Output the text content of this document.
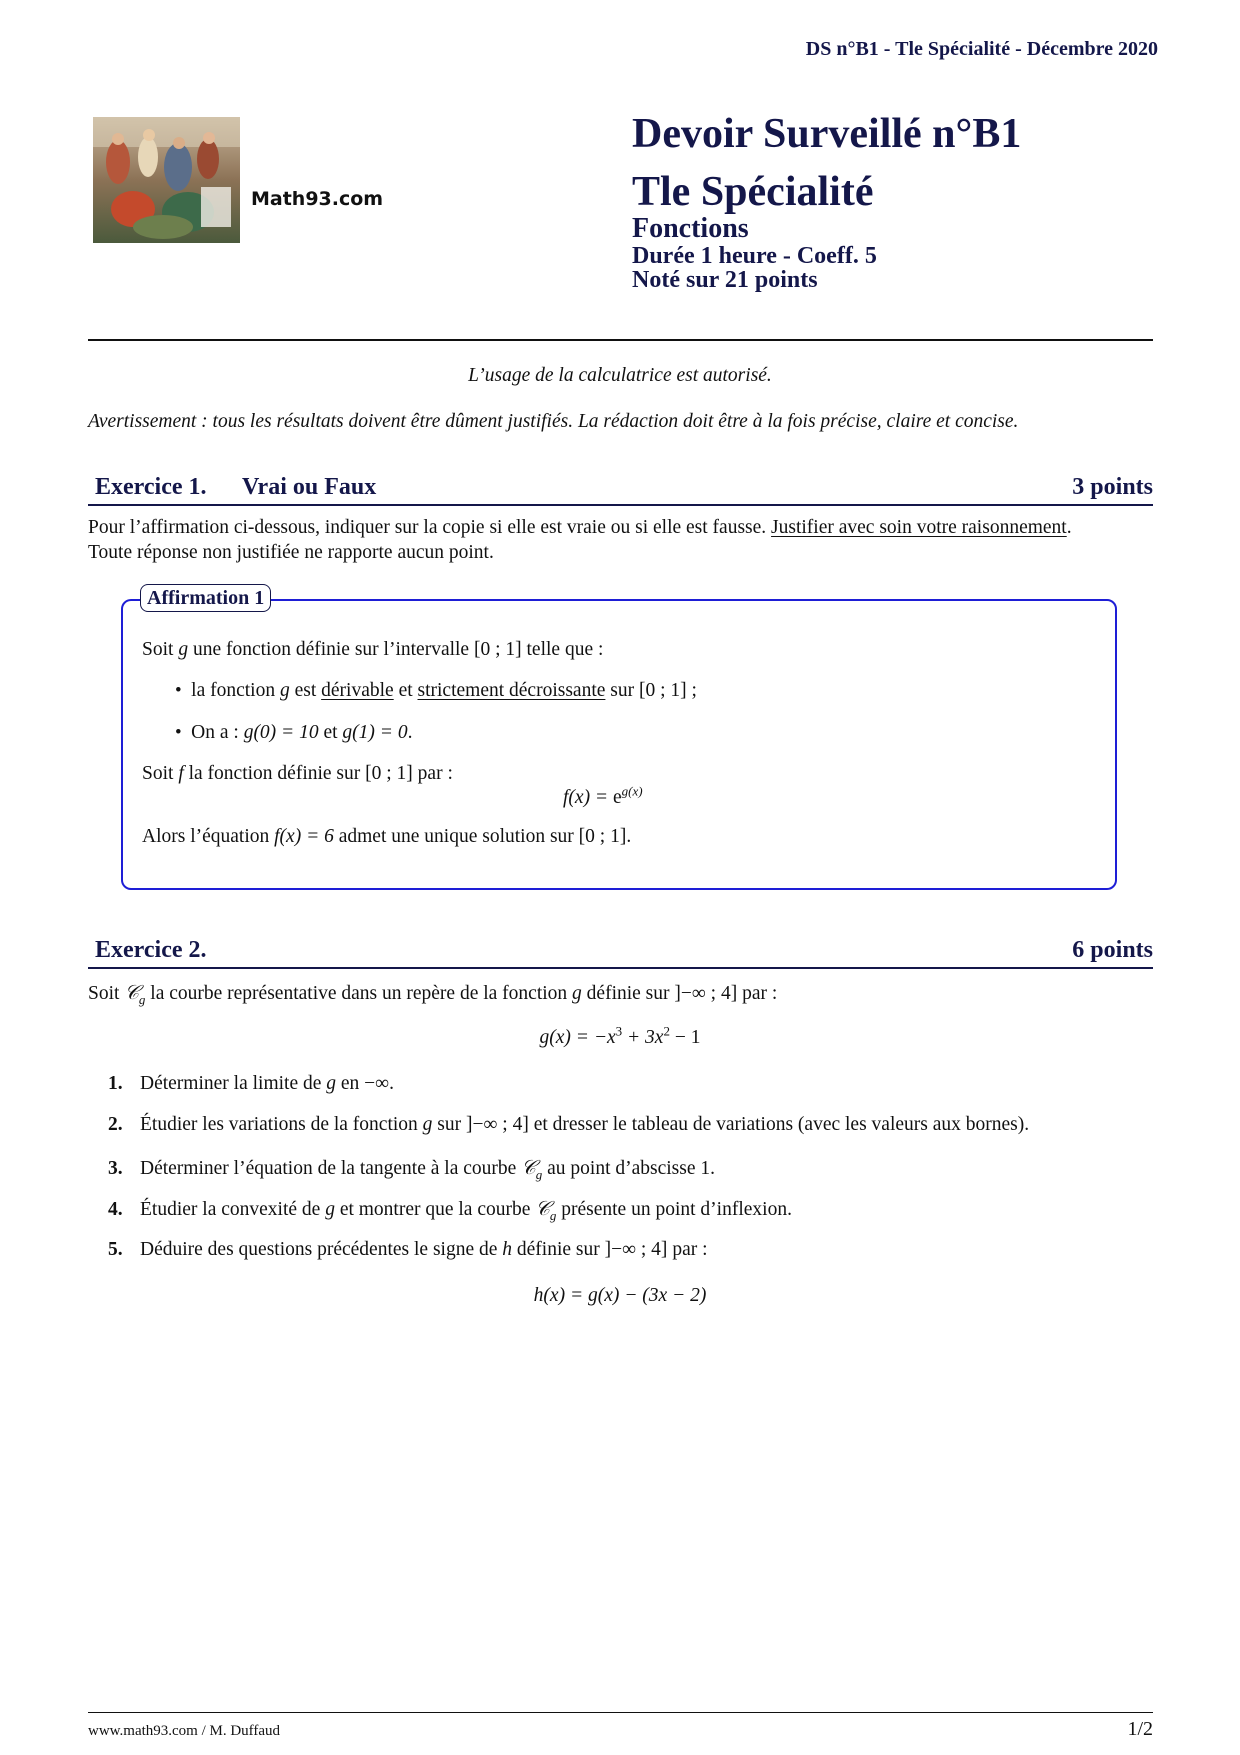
DS n°B1 - Tle Spécialité - Décembre 2020
Math93.com
Devoir Surveillé n°B1
Tle Spécialité
Fonctions
Durée 1 heure - Coeff. 5
Noté sur 21 points
L’usage de la calculatrice est autorisé.
Avertissement : tous les résultats doivent être dûment justifiés. La rédaction doit être à la fois précise, claire et concise.
Exercice 1. Vrai ou Faux	3 points
Pour l’affirmation ci-dessous, indiquer sur la copie si elle est vraie ou si elle est fausse. Justifier avec soin votre raisonnement.
Toute réponse non justifiée ne rapporte aucun point.
Affirmation 1
Soit g une fonction définie sur l’intervalle [0 ; 1] telle que :
•  la fonction g est dérivable et strictement décroissante sur [0 ; 1] ;
•  On a : g(0) = 10 et g(1) = 0.
Soit f la fonction définie sur [0 ; 1] par :
$f(x) = e^{g(x)}$
Alors l’équation f(x) = 6 admet une unique solution sur [0 ; 1].
Exercice 2.	6 points
Soit 𝒞$_g$ la courbe représentative dans un repère de la fonction g définie sur ]−∞ ; 4] par :
$g(x) = -x^3 + 3x^2 - 1$
1. Déterminer la limite de g en −∞.
2. Étudier les variations de la fonction g sur ]−∞ ; 4] et dresser le tableau de variations (avec les valeurs aux bornes).
3. Déterminer l’équation de la tangente à la courbe 𝒞$_g$ au point d’abscisse 1.
4. Étudier la convexité de g et montrer que la courbe 𝒞$_g$ présente un point d’inflexion.
5. Déduire des questions précédentes le signe de h définie sur ]−∞ ; 4] par :
h(x) = g(x) − (3x − 2)
www.math93.com / M. Duffaud	1/2
